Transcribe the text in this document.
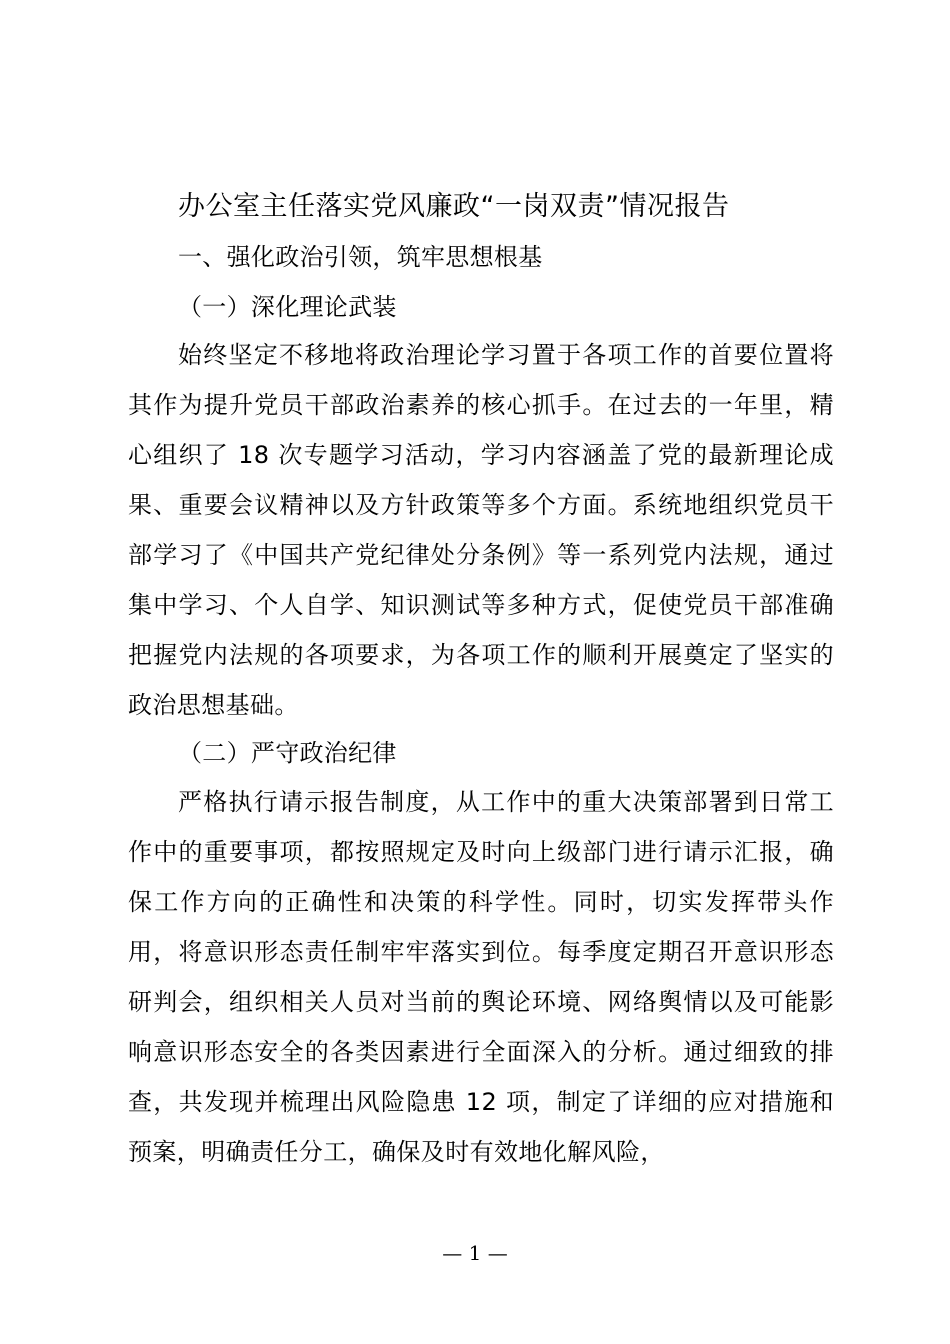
办公室主任落实党风廉政“一岗双责”情况报告
一、强化政治引领，筑牢思想根基
（一）深化理论武装
始终坚定不移地将政治理论学习置于各项工作的首要位置将其作为提升党员干部政治素养的核心抓手。在过去的一年里，精心组织了 18 次专题学习活动，学习内容涵盖了党的最新理论成果、重要会议精神以及方针政策等多个方面。系统地组织党员干部学习了《中国共产党纪律处分条例》等一系列党内法规，通过集中学习、个人自学、知识测试等多种方式，促使党员干部准确把握党内法规的各项要求，为各项工作的顺利开展奠定了坚实的政治思想基础。
（二）严守政治纪律
严格执行请示报告制度，从工作中的重大决策部署到日常工作中的重要事项，都按照规定及时向上级部门进行请示汇报，确保工作方向的正确性和决策的科学性。同时，切实发挥带头作用，将意识形态责任制牢牢落实到位。每季度定期召开意识形态研判会，组织相关人员对当前的舆论环境、网络舆情以及可能影响意识形态安全的各类因素进行全面深入的分析。通过细致的排查，共发现并梳理出风险隐患 12 项，制定了详细的应对措施和预案，明确责任分工，确保及时有效地化解风险，
— 1 —
